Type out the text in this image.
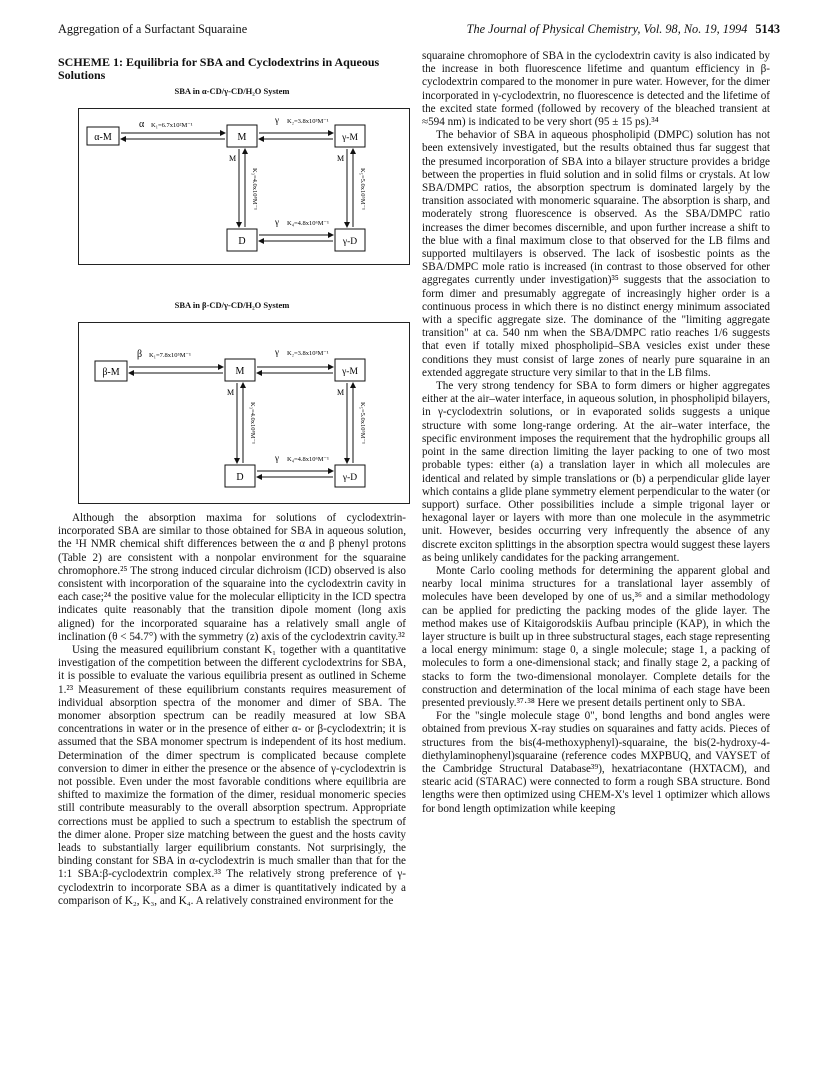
Aggregation of a Surfactant Squaraine	The Journal of Physical Chemistry, Vol. 98, No. 19, 1994 5143
SCHEME 1: Equilibria for SBA and Cyclodextrins in Aqueous Solutions
SBA in α-CD/γ-CD/H₂O System
α-M
α K₁=6.7x10²M⁻¹
M
γ K₂=3.8x10³M⁻¹
γ-M
M
K₃=4.0x10⁸M⁻¹
M
K₅=5.0x10⁵M⁻¹
γ K₄=4.8x10⁶M⁻¹
D	γ-D
SBA in β-CD/γ-CD/H₂O System
β-M
β K₁=7.8x10⁵M⁻¹
M
γ K₂=3.8x10³M⁻¹
γ-M
M
K₃=4.0x10⁸M⁻¹
M
K₅=5.0x10⁵M⁻¹
γ K₄=4.8x10⁶M⁻¹
D	γ-D

Although the absorption maxima for solutions of cyclodextrin-incorporated SBA are similar to those obtained for SBA in aqueous solution, the ¹H NMR chemical shift differences between the α and β phenyl protons (Table 2) are consistent with a nonpolar environment for the squaraine chromophore.²⁵ The strong induced circular dichroism (ICD) observed is also consistent with incorporation of the squaraine into the cyclodextrin cavity in each case;²⁴ the positive value for the molecular ellipticity in the ICD spectra indicates quite reasonably that the transition dipole moment (long axis aligned) for the incorporated squaraine has a relatively small angle of inclination (θ < 54.7°) with the symmetry (z) axis of the cyclodextrin cavity.³²

Using the measured equilibrium constant K₁ together with a quantitative investigation of the competition between the different cyclodextrins for SBA, it is possible to evaluate the various equilibria present as outlined in Scheme 1.²³ Measurement of these equilibrium constants requires measurement of individual absorption spectra of the monomer and dimer of SBA. The monomer absorption spectrum can be readily measured at low SBA concentrations in water or in the presence of either α- or β-cyclodextrin; it is assumed that the SBA monomer spectrum is independent of its host medium. Determination of the dimer spectrum is complicated because complete conversion to dimer in either the presence or the absence of γ-cyclodextrin is not possible. Even under the most favorable conditions where equilibria are shifted to maximize the formation of the dimer, residual monomeric species still contribute measurably to the overall absorption spectrum. Appropriate corrections must be applied to such a spectrum to establish the spectrum of the dimer alone. Proper size matching between the guest and the hosts cavity leads to substantially larger equilibrium constants. Not surprisingly, the binding constant for SBA in α-cyclodextrin is much smaller than that for the 1:1 SBA:β-cyclodextrin complex.³³ The relatively strong preference of γ-cyclodextrin to incorporate SBA as a dimer is quantitatively indicated by a comparison of K₂, K₃, and K₄. A relatively constrained environment for the

squaraine chromophore of SBA in the cyclodextrin cavity is also indicated by the increase in both fluorescence lifetime and quantum efficiency in β-cyclodextrin compared to the monomer in pure water. However, for the dimer incorporated in γ-cyclodextrin, no fluorescence is detected and the lifetime of the excited state formed (followed by recovery of the bleached transient at ≈594 nm) is indicated to be very short (95 ± 15 ps).³⁴

The behavior of SBA in aqueous phospholipid (DMPC) solution has not been extensively investigated, but the results obtained thus far suggest that the presumed incorporation of SBA into a bilayer structure provides a bridge between the properties in fluid solution and in solid films or crystals. At low SBA/DMPC ratios, the absorption spectrum is dominated largely by the transition associated with monomeric squaraine. The absorption is sharp, and moderately strong fluorescence is observed. As the SBA/DMPC ratio increases the dimer becomes discernible, and upon further increase a shift to the blue with a final maximum close to that observed for the LB films and supported multilayers is observed. The lack of isosbestic points as the SBA/DMPC mole ratio is increased (in contrast to those observed for other aggregates currently under investigation)³⁵ suggests that the association to form dimer and presumably aggregate of increasingly higher order is a continuous process in which there is no distinct energy minimum associated with a specific aggregate size. The dominance of the "limiting aggregate transition" at ca. 540 nm when the SBA/DMPC ratio reaches 1/6 suggests that even if totally mixed phospholipid–SBA vesicles exist under these conditions they must consist of large zones of nearly pure squaraine in an extended aggregate structure very similar to that in the LB films.

The very strong tendency for SBA to form dimers or higher aggregates either at the air–water interface, in aqueous solution, in phospholipid bilayers, in γ-cyclodextrin solutions, or in evaporated solids suggests a unique structure with some long-range ordering. At the air–water interface, the specific environment imposes the requirement that the hydrophilic groups all point in the same direction limiting the layer packing to one of two most probable types: either (a) a translation layer in which all molecules are identical and related by simple translations or (b) a perpendicular glide layer which contains a glide plane symmetry element perpendicular to the water (or support) surface. Other possibilities include a simple trigonal layer or hexagonal layer or layers with more than one molecule in the asymmetric unit. However, besides occurring very infrequently the absence of any discrete exciton splittings in the absorption spectra would suggest these layers as being unlikely candidates for the packing arrangement.

Monte Carlo cooling methods for determining the apparent global and nearby local minima structures for a translational layer assembly of molecules have been developed by one of us,³⁶ and a similar methodology can be applied for predicting the packing modes of the glide layer. The method makes use of Kitaigorodskiis Aufbau principle (KAP), in which the layer structure is built up in three substructural stages, each stage representing a local energy minimum: stage 0, a single molecule; stage 1, a packing of molecules to form a one-dimensional stack; and finally stage 2, a packing of stacks to form the two-dimensional monolayer. Complete details for the construction and determination of the local minima of each stage have been presented previously.³⁷·³⁸ Here we present details pertinent only to SBA.

For the "single molecule stage 0", bond lengths and bond angles were obtained from previous X-ray studies on squaraines and fatty acids. Pieces of structures from the bis(4-methoxyphenyl)-squaraine, the bis(2-hydroxy-4-diethylaminophenyl)squaraine (reference codes MXPBUQ, and VAYSET of the Cambridge Structural Database³⁹), hexatriacontane (HXTACM), and stearic acid (STARAC) were connected to form a rough SBA structure. Bond lengths were then optimized using CHEM-X's level 1 optimizer which allows for bond length optimization while keeping
